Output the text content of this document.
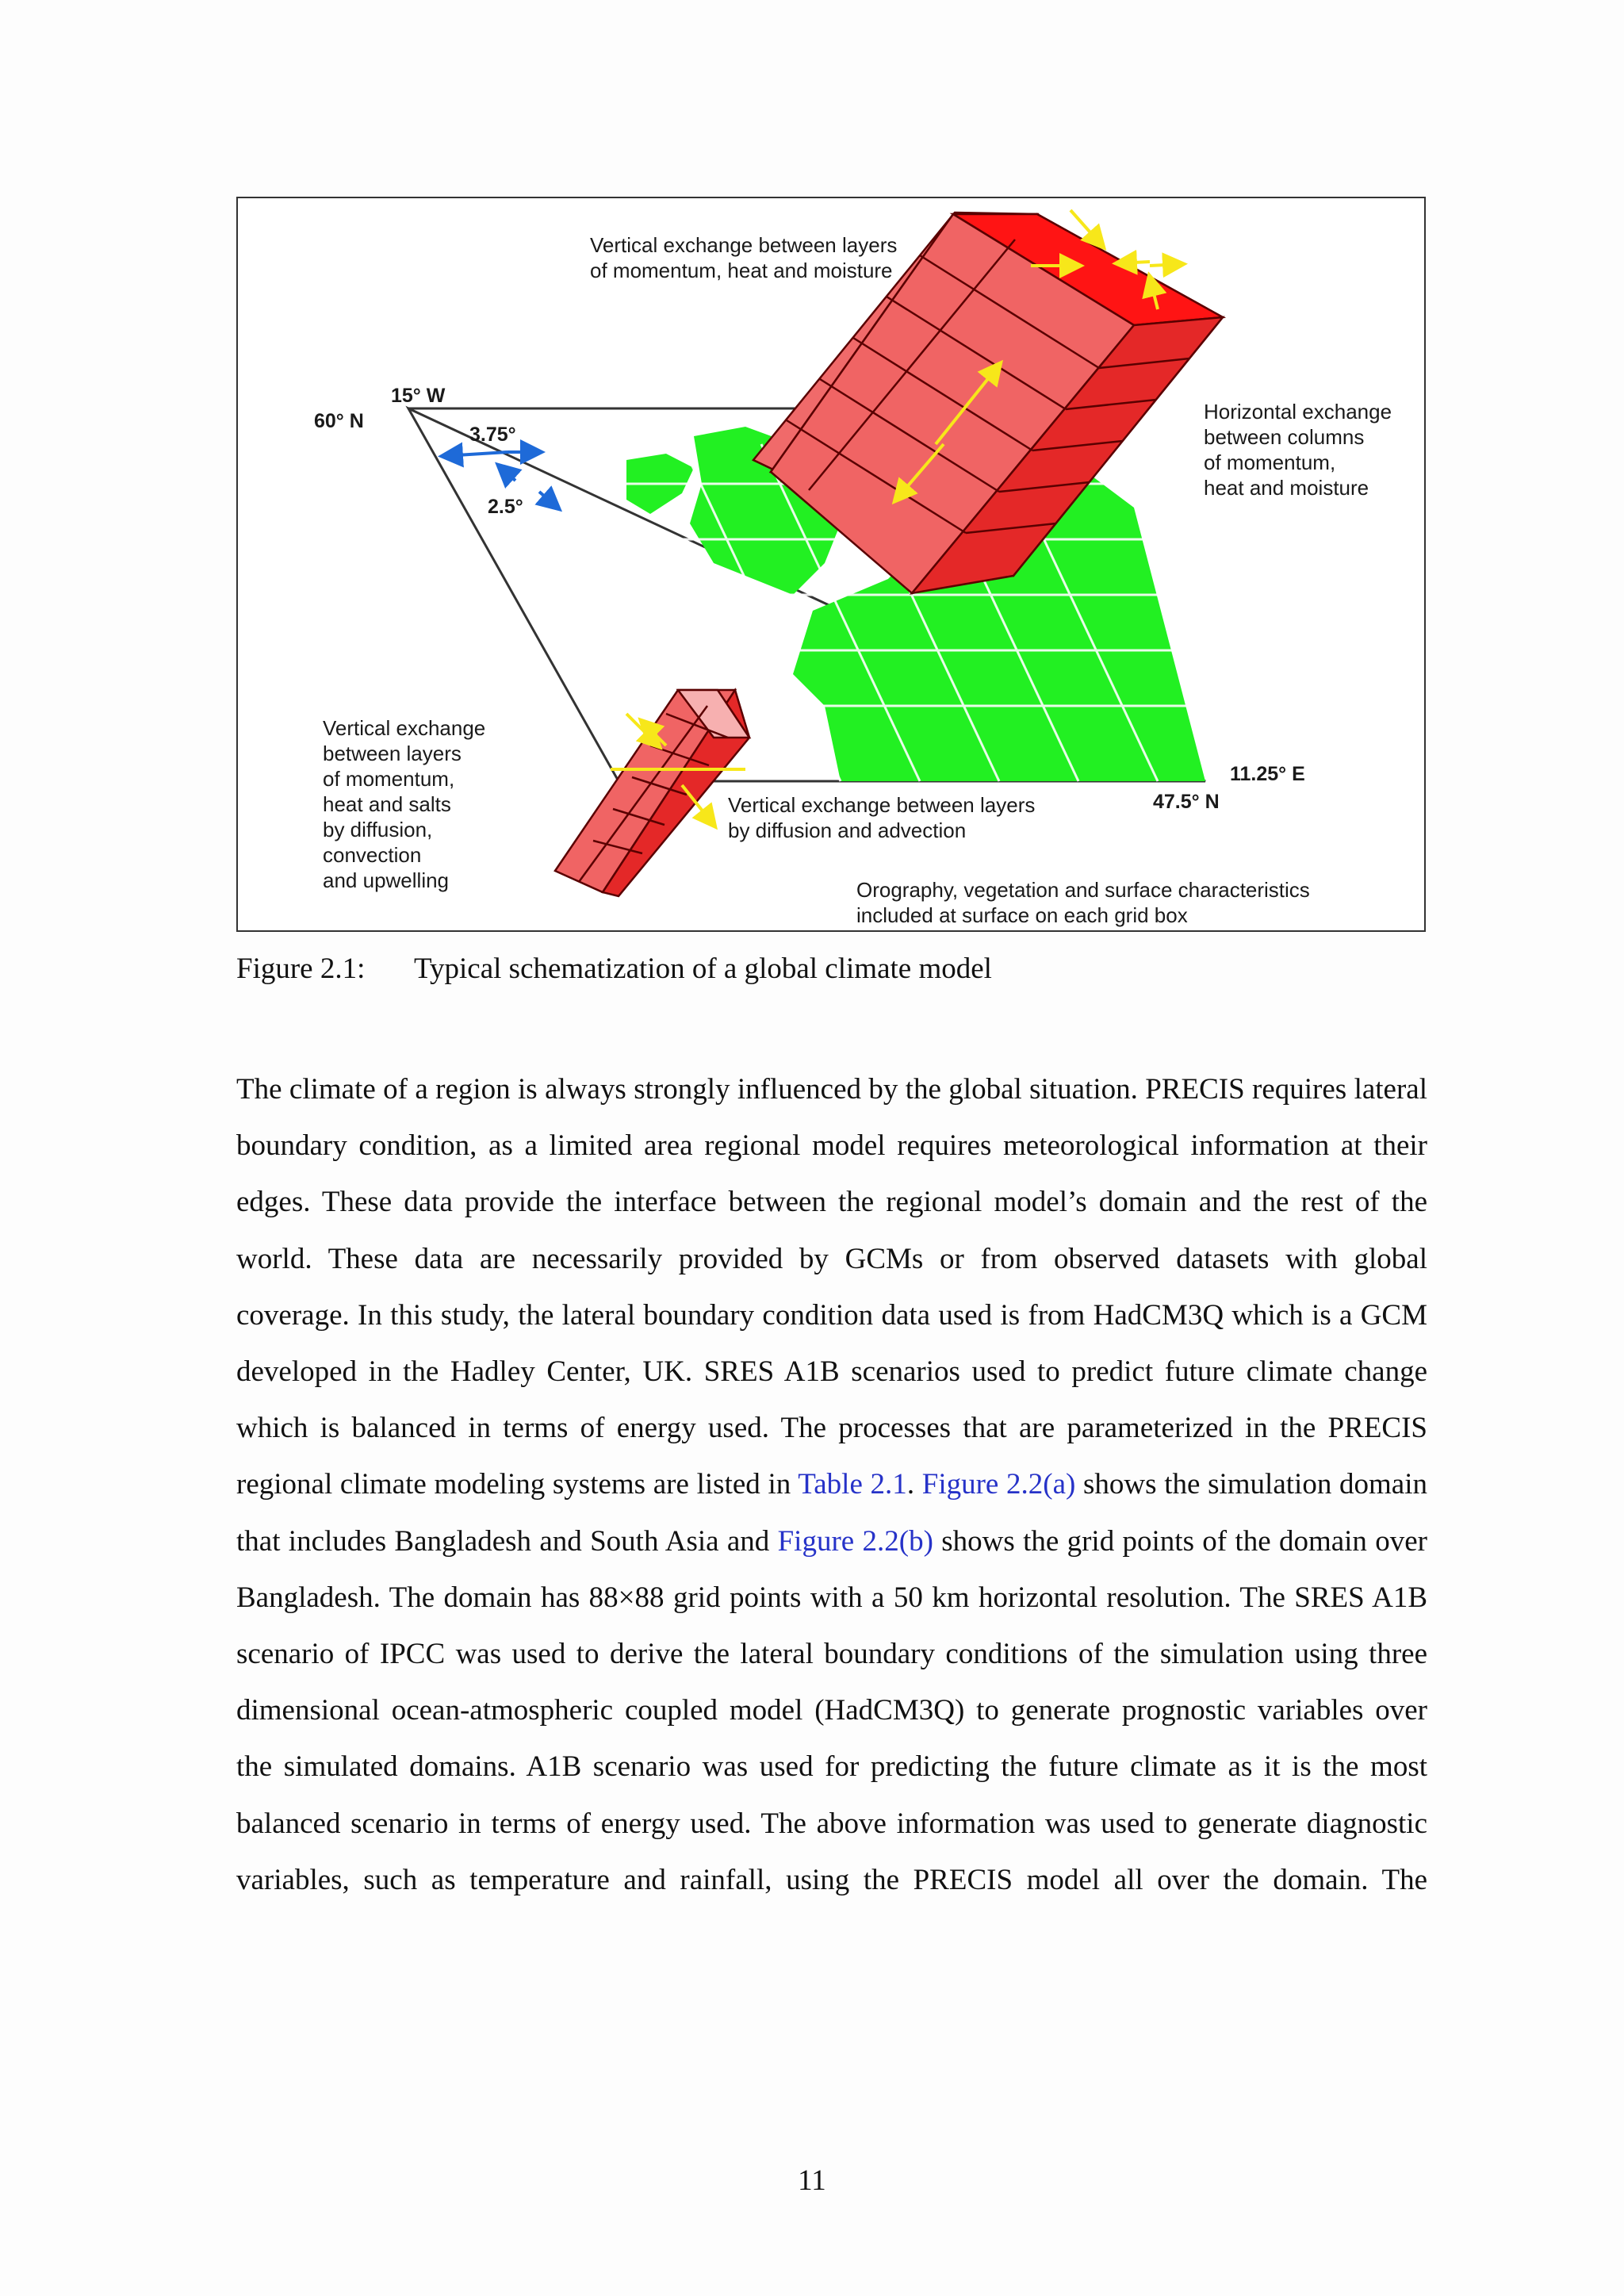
Vertical exchange between layers
of momentum, heat and moisture
Horizontal exchange
between columns
of momentum,
heat and moisture
Vertical exchange
between layers
of momentum,
heat and salts
by diffusion,
convection
and upwelling
Vertical exchange between layers
by diffusion and advection
Orography, vegetation and surface characteristics
included at surface on each grid box
15° W
60° N
3.75°
2.5°
11.25° E
47.5° N
Figure 2.1: Typical schematization of a global climate model
The climate of a region is always strongly influenced by the global situation. PRECIS requires lateral boundary condition, as a limited area regional model requires meteorological information at their edges. These data provide the interface between the regional model’s domain and the rest of the world. These data are necessarily provided by GCMs or from observed datasets with global coverage. In this study, the lateral boundary condition data used is from HadCM3Q which is a GCM developed in the Hadley Center, UK. SRES A1B scenarios used to predict future climate change which is balanced in terms of energy used. The processes that are parameterized in the PRECIS regional climate modeling systems are listed in Table 2.1. Figure 2.2(a) shows the simulation domain that includes Bangladesh and South Asia and Figure 2.2(b) shows the grid points of the domain over Bangladesh. The domain has 88×88 grid points with a 50 km horizontal resolution. The SRES A1B scenario of IPCC was used to derive the lateral boundary conditions of the simulation using three dimensional ocean-atmospheric coupled model (HadCM3Q) to generate prognostic variables over the simulated domains. A1B scenario was used for predicting the future climate as it is the most balanced scenario in terms of energy used. The above information was used to generate diagnostic variables, such as temperature and rainfall, using the PRECIS model all over the domain. The
11
